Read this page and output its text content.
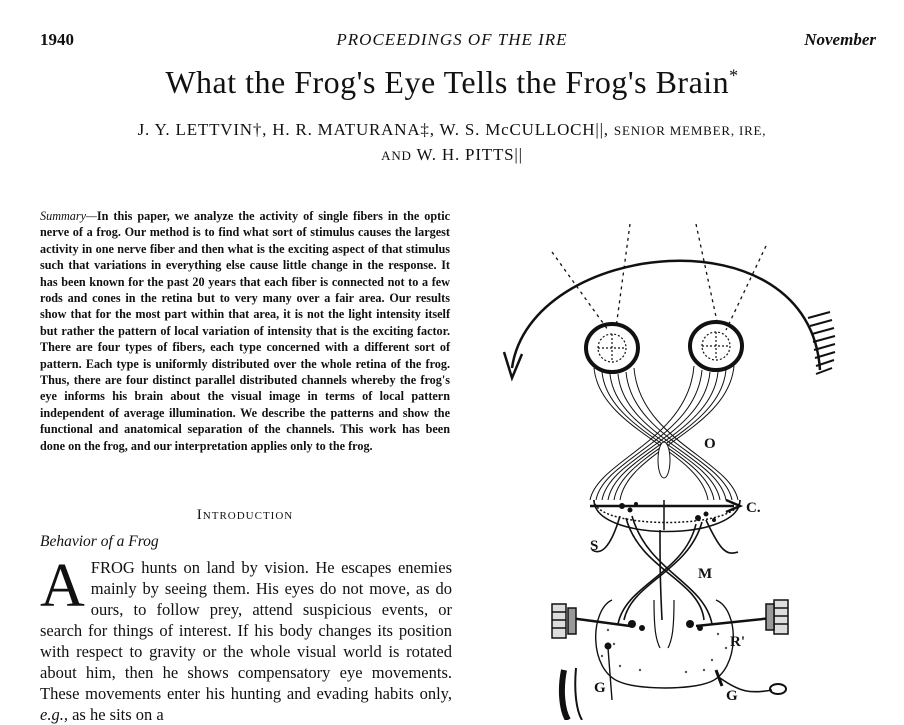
1940	PROCEEDINGS OF THE IRE	November
What the Frog's Eye Tells the Frog's Brain*
J. Y. LETTVIN†, H. R. MATURANA‡, W. S. McCULLOCH||, SENIOR MEMBER, IRE,
AND W. H. PITTS||
Summary—In this paper, we analyze the activity of single fibers in the optic nerve of a frog. Our method is to find what sort of stimulus causes the largest activity in one nerve fiber and then what is the exciting aspect of that stimulus such that variations in everything else cause little change in the response. It has been known for the past 20 years that each fiber is connected not to a few rods and cones in the retina but to very many over a fair area. Our results show that for the most part within that area, it is not the light intensity itself but rather the pattern of local variation of intensity that is the exciting factor. There are four types of fibers, each type concerned with a different sort of pattern. Each type is uniformly distributed over the whole retina of the frog. Thus, there are four distinct parallel distributed channels whereby the frog's eye informs his brain about the visual image in terms of local pattern independent of average illumination. We describe the patterns and show the functional and anatomical separation of the channels. This work has been done on the frog, and our interpretation applies only to the frog.
Introduction
Behavior of a Frog
AFROG hunts on land by vision. He escapes enemies mainly by seeing them. His eyes do not move, as do ours, to follow prey, attend suspicious events, or search for things of interest. If his body changes its position with respect to gravity or the whole visual world is rotated about him, then he shows compensatory eye movements. These movements enter his hunting and evading habits only, e.g., as he sits on a
O
C.
S
M
R'
G	G
